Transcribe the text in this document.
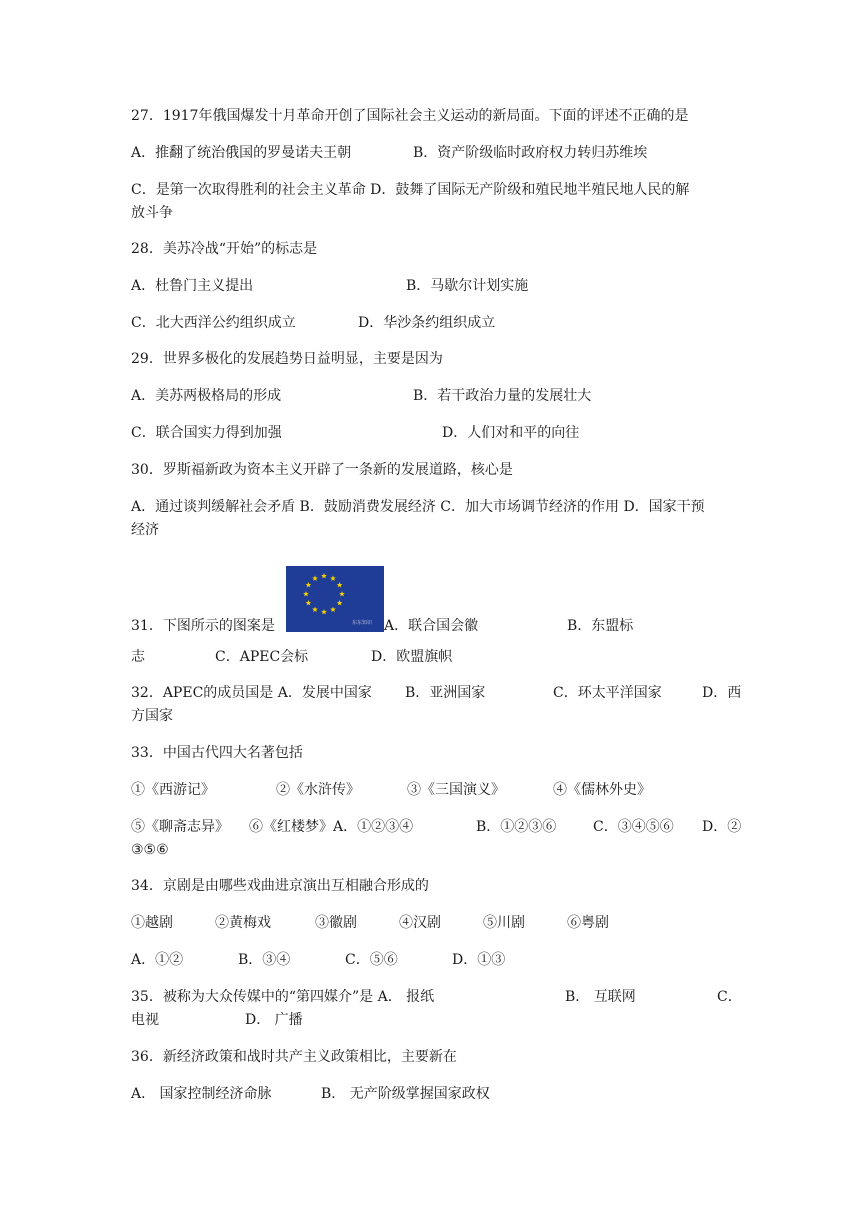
27．1917年俄国爆发十月革命开创了国际社会主义运动的新局面。下面的评述不正确的是
A．推翻了统治俄国的罗曼诺夫王朝	B．资产阶级临时政府权力转归苏维埃
C．是第一次取得胜利的社会主义革命 D．鼓舞了国际无产阶级和殖民地半殖民地人民的解
放斗争
28．美苏冷战“开始”的标志是
A．杜鲁门主义提出	B．马歇尔计划实施
C．北大西洋公约组织成立	D．华沙条约组织成立
29．世界多极化的发展趋势日益明显，主要是因为
A．美苏两极格局的形成	B．若干政治力量的发展壮大
C．联合国实力得到加强	D．人们对和平的向往
30．罗斯福新政为资本主义开辟了一条新的发展道路，核心是
A．通过谈判缓解社会矛盾 B．鼓励消费发展经济 C．加大市场调节经济的作用 D．国家干预
经济
东东知识
31．下图所示的图案是	A．联合国会徽	B．东盟标
志	C．APEC会标	D．欧盟旗帜
32．APEC的成员国是 A．发展中国家 B．亚洲国家	C．环太平洋国家	D．西
方国家
33．中国古代四大名著包括
①《西游记》	②《水浒传》	③《三国演义》	④《儒林外史》
⑤《聊斋志异》 ⑥《红楼梦》A．①②③④	B．①②③⑥	C．③④⑤⑥ D．②
③⑤⑥
34．京剧是由哪些戏曲进京演出互相融合形成的
①越剧	②黄梅戏	③徽剧	④汉剧	⑤川剧	⑥粤剧
A．①②	B．③④	C．⑤⑥	D．①③
35．被称为大众传媒中的“第四媒介”是 A． 报纸	B． 互联网	C．
电视	D． 广播
36．新经济政策和战时共产主义政策相比，主要新在
A． 国家控制经济命脉	B． 无产阶级掌握国家政权
